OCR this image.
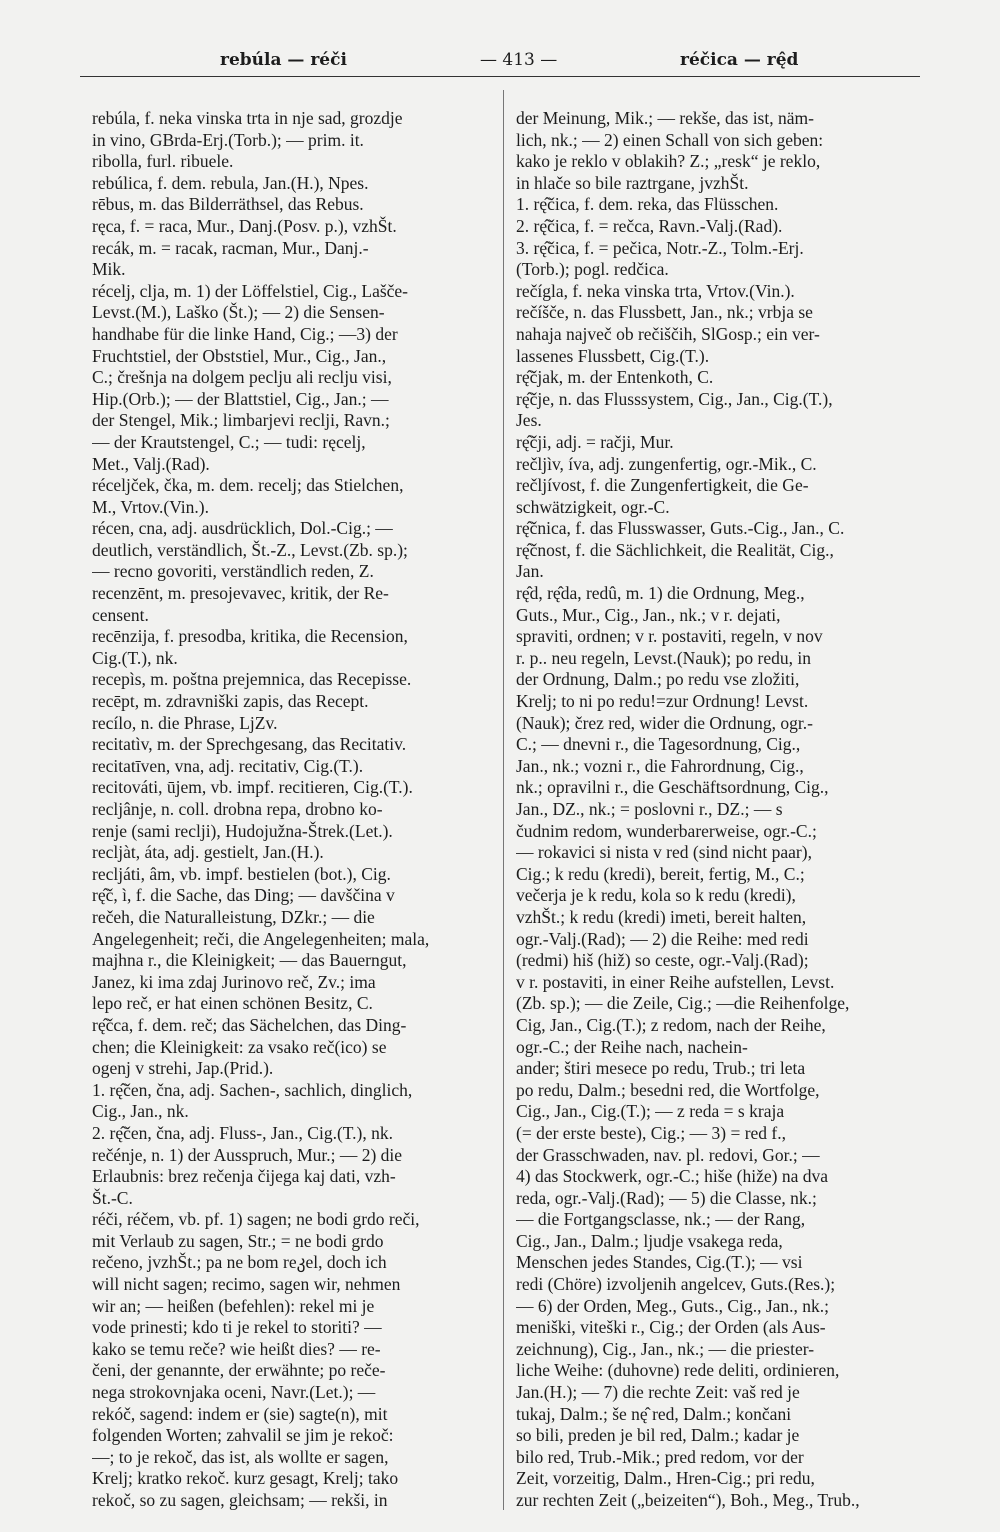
rebúla — réči	— 413 —	réčica — rę̂d
rebúla, f. neka vinska trta in nje sad, grozdje
in vino, GBrda-Erj.(Torb.); — prim. it.
ribolla, furl. ribuele.
rebúlica, f. dem. rebula, Jan.(H.), Npes.
rēbus, m. das Bilderräthsel, das Rebus.
ręca, f. = raca, Mur., Danj.(Posv. p.), vzhŠt.
recák, m. = racak, racman, Mur., Danj.-
Mik.
récelj, clja, m. 1) der Löffelstiel, Cig., Lašče-
Levst.(M.), Laško (Št.); — 2) die Sensen-
handhabe für die linke Hand, Cig.; —3) der
Fruchtstiel, der Obststiel, Mur., Cig., Jan.,
C.; črešnja na dolgem peclju ali reclju visi,
Hip.(Orb.); — der Blattstiel, Cig., Jan.; —
der Stengel, Mik.; limbarjevi reclji, Ravn.;
— der Krautstengel, C.; — tudi: ręcelj,
Met., Valj.(Rad).
réceljček, čka, m. dem. recelj; das Stielchen,
M., Vrtov.(Vin.).
récen, cna, adj. ausdrücklich, Dol.-Cig.; —
deutlich, verständlich, Št.-Z., Levst.(Zb. sp.);
— recno govoriti, verständlich reden, Z.
recenzēnt, m. presojevavec, kritik, der Re-
censent.
recēnzija, f. presodba, kritika, die Recension,
Cig.(T.), nk.
recepìs, m. poštna prejemnica, das Recepisse.
recēpt, m. zdravniški zapis, das Recept.
recílo, n. die Phrase, LjZv.
recitatìv, m. der Sprechgesang, das Recitativ.
recitatīven, vna, adj. recitativ, Cig.(T.).
recitováti, ūjem, vb. impf. recitieren, Cig.(T.).
recljânje, n. coll. drobna repa, drobno ko-
renje (sami reclji), Hudojužna-Štrek.(Let.).
recljàt, áta, adj. gestielt, Jan.(H.).
recljáti, âm, vb. impf. bestielen (bot.), Cig.
rę̂č, ì, f. die Sache, das Ding; — davščina v
rečeh, die Naturalleistung, DZkr.; — die
Angelegenheit; reči, die Angelegenheiten; mala,
majhna r., die Kleinigkeit; — das Bauerngut,
Janez, ki ima zdaj Jurinovo reč, Zv.; ima
lepo reč, er hat einen schönen Besitz, C.
rę̂čca, f. dem. reč; das Sächelchen, das Ding-
chen; die Kleinigkeit: za vsako reč(ico) se
ogenj v strehi, Jap.(Prid.).
1. rę̂čen, čna, adj. Sachen-, sachlich, dinglich,
Cig., Jan., nk.
2. rę̂čen, čna, adj. Fluss-, Jan., Cig.(T.), nk.
rečénje, n. 1) der Ausspruch, Mur.; — 2) die
Erlaubnis: brez rečenja čijega kaj dati, vzh-
Št.-C.
réči, réčem, vb. pf. 1) sagen; ne bodi grdo reči,
mit Verlaub zu sagen, Str.; = ne bodi grdo
rečeno, jvzhŠt.; pa ne bom reკel, doch ich
will nicht sagen; recimo, sagen wir, nehmen
wir an; — heißen (befehlen): rekel mi je
vode prinesti; kdo ti je rekel to storiti? —
kako se temu reče? wie heißt dies? — re-
čeni, der genannte, der erwähnte; po reče-
nega strokovnjaka oceni, Navr.(Let.); —
rekóč, sagend: indem er (sie) sagte(n), mit
folgenden Worten; zahvalil se jim je rekoč:
—; to je rekoč, das ist, als wollte er sagen,
Krelj; kratko rekoč. kurz gesagt, Krelj; tako
rekoč, so zu sagen, gleichsam; — rekši, in
der Meinung, Mik.; — rekše, das ist, näm-
lich, nk.; — 2) einen Schall von sich geben:
kako je reklo v oblakih? Z.; „resk“ je reklo,
in hlače so bile raztrgane, jvzhŠt.
1. rę̂čica, f. dem. reka, das Flüsschen.
2. rę̂čica, f. = rečca, Ravn.-Valj.(Rad).
3. rę̂čica, f. = pečica, Notr.-Z., Tolm.-Erj.
(Torb.); pogl. redčica.
rečígla, f. neka vinska trta, Vrtov.(Vin.).
rečíšče, n. das Flussbett, Jan., nk.; vrbja se
nahaja največ ob rečiščih, SlGosp.; ein ver-
lassenes Flussbett, Cig.(T.).
rę̂čjak, m. der Entenkoth, C.
rę̂čje, n. das Flusssystem, Cig., Jan., Cig.(T.),
Jes.
rę̂čji, adj. = račji, Mur.
rečljìv, íva, adj. zungenfertig, ogr.-Mik., C.
rečljívost, f. die Zungenfertigkeit, die Ge-
schwätzigkeit, ogr.-C.
rę̂čnica, f. das Flusswasser, Guts.-Cig., Jan., C.
rę̂čnost, f. die Sächlichkeit, die Realität, Cig.,
Jan.
rę̂d, rę̂da, redû, m. 1) die Ordnung, Meg.,
Guts., Mur., Cig., Jan., nk.; v r. dejati,
spraviti, ordnen; v r. postaviti, regeln, v nov
r. p.. neu regeln, Levst.(Nauk); po redu, in
der Ordnung, Dalm.; po redu vse zložiti,
Krelj; to ni po redu!=zur Ordnung! Levst.
(Nauk); črez red, wider die Ordnung, ogr.-
C.; — dnevni r., die Tagesordnung, Cig.,
Jan., nk.; vozni r., die Fahrordnung, Cig.,
nk.; opravilni r., die Geschäftsordnung, Cig.,
Jan., DZ., nk.; = poslovni r., DZ.; — s
čudnim redom, wunderbarerweise, ogr.-C.;
— rokavici si nista v red (sind nicht paar),
Cig.; k redu (kredi), bereit, fertig, M., C.;
večerja je k redu, kola so k redu (kredi),
vzhŠt.; k redu (kredi) imeti, bereit halten,
ogr.-Valj.(Rad); — 2) die Reihe: med redi
(redmi) hiš (hiž) so ceste, ogr.-Valj.(Rad);
v r. postaviti, in einer Reihe aufstellen, Levst.
(Zb. sp.); — die Zeile, Cig.; —die Reihenfolge,
Cig, Jan., Cig.(T.); z redom, nach der Reihe,
ogr.-C.; der Reihe nach, nachein-
ander; štiri mesece po redu, Trub.; tri leta
po redu, Dalm.; besedni red, die Wortfolge,
Cig., Jan., Cig.(T.); — z reda = s kraja
(= der erste beste), Cig.; — 3) = red f.,
der Grasschwaden, nav. pl. redovi, Gor.; —
4) das Stockwerk, ogr.-C.; hiše (hiže) na dva
reda, ogr.-Valj.(Rad); — 5) die Classe, nk.;
— die Fortgangsclasse, nk.; — der Rang,
Cig., Jan., Dalm.; ljudje vsakega reda,
Menschen jedes Standes, Cig.(T.); — vsi
redi (Chöre) izvoljenih angelcev, Guts.(Res.);
— 6) der Orden, Meg., Guts., Cig., Jan., nk.;
meniški, viteški r., Cig.; der Orden (als Aus-
zeichnung), Cig., Jan., nk.; — die priester-
liche Weihe: (duhovne) rede deliti, ordinieren,
Jan.(H.); — 7) die rechte Zeit: vaš red je
tukaj, Dalm.; še nę̂ red, Dalm.; končani
so bili, preden je bil red, Dalm.; kadar je
bilo red, Trub.-Mik.; pred redom, vor der
Zeit, vorzeitig, Dalm., Hren-Cig.; pri redu,
zur rechten Zeit („beizeiten“), Boh., Meg., Trub.,
